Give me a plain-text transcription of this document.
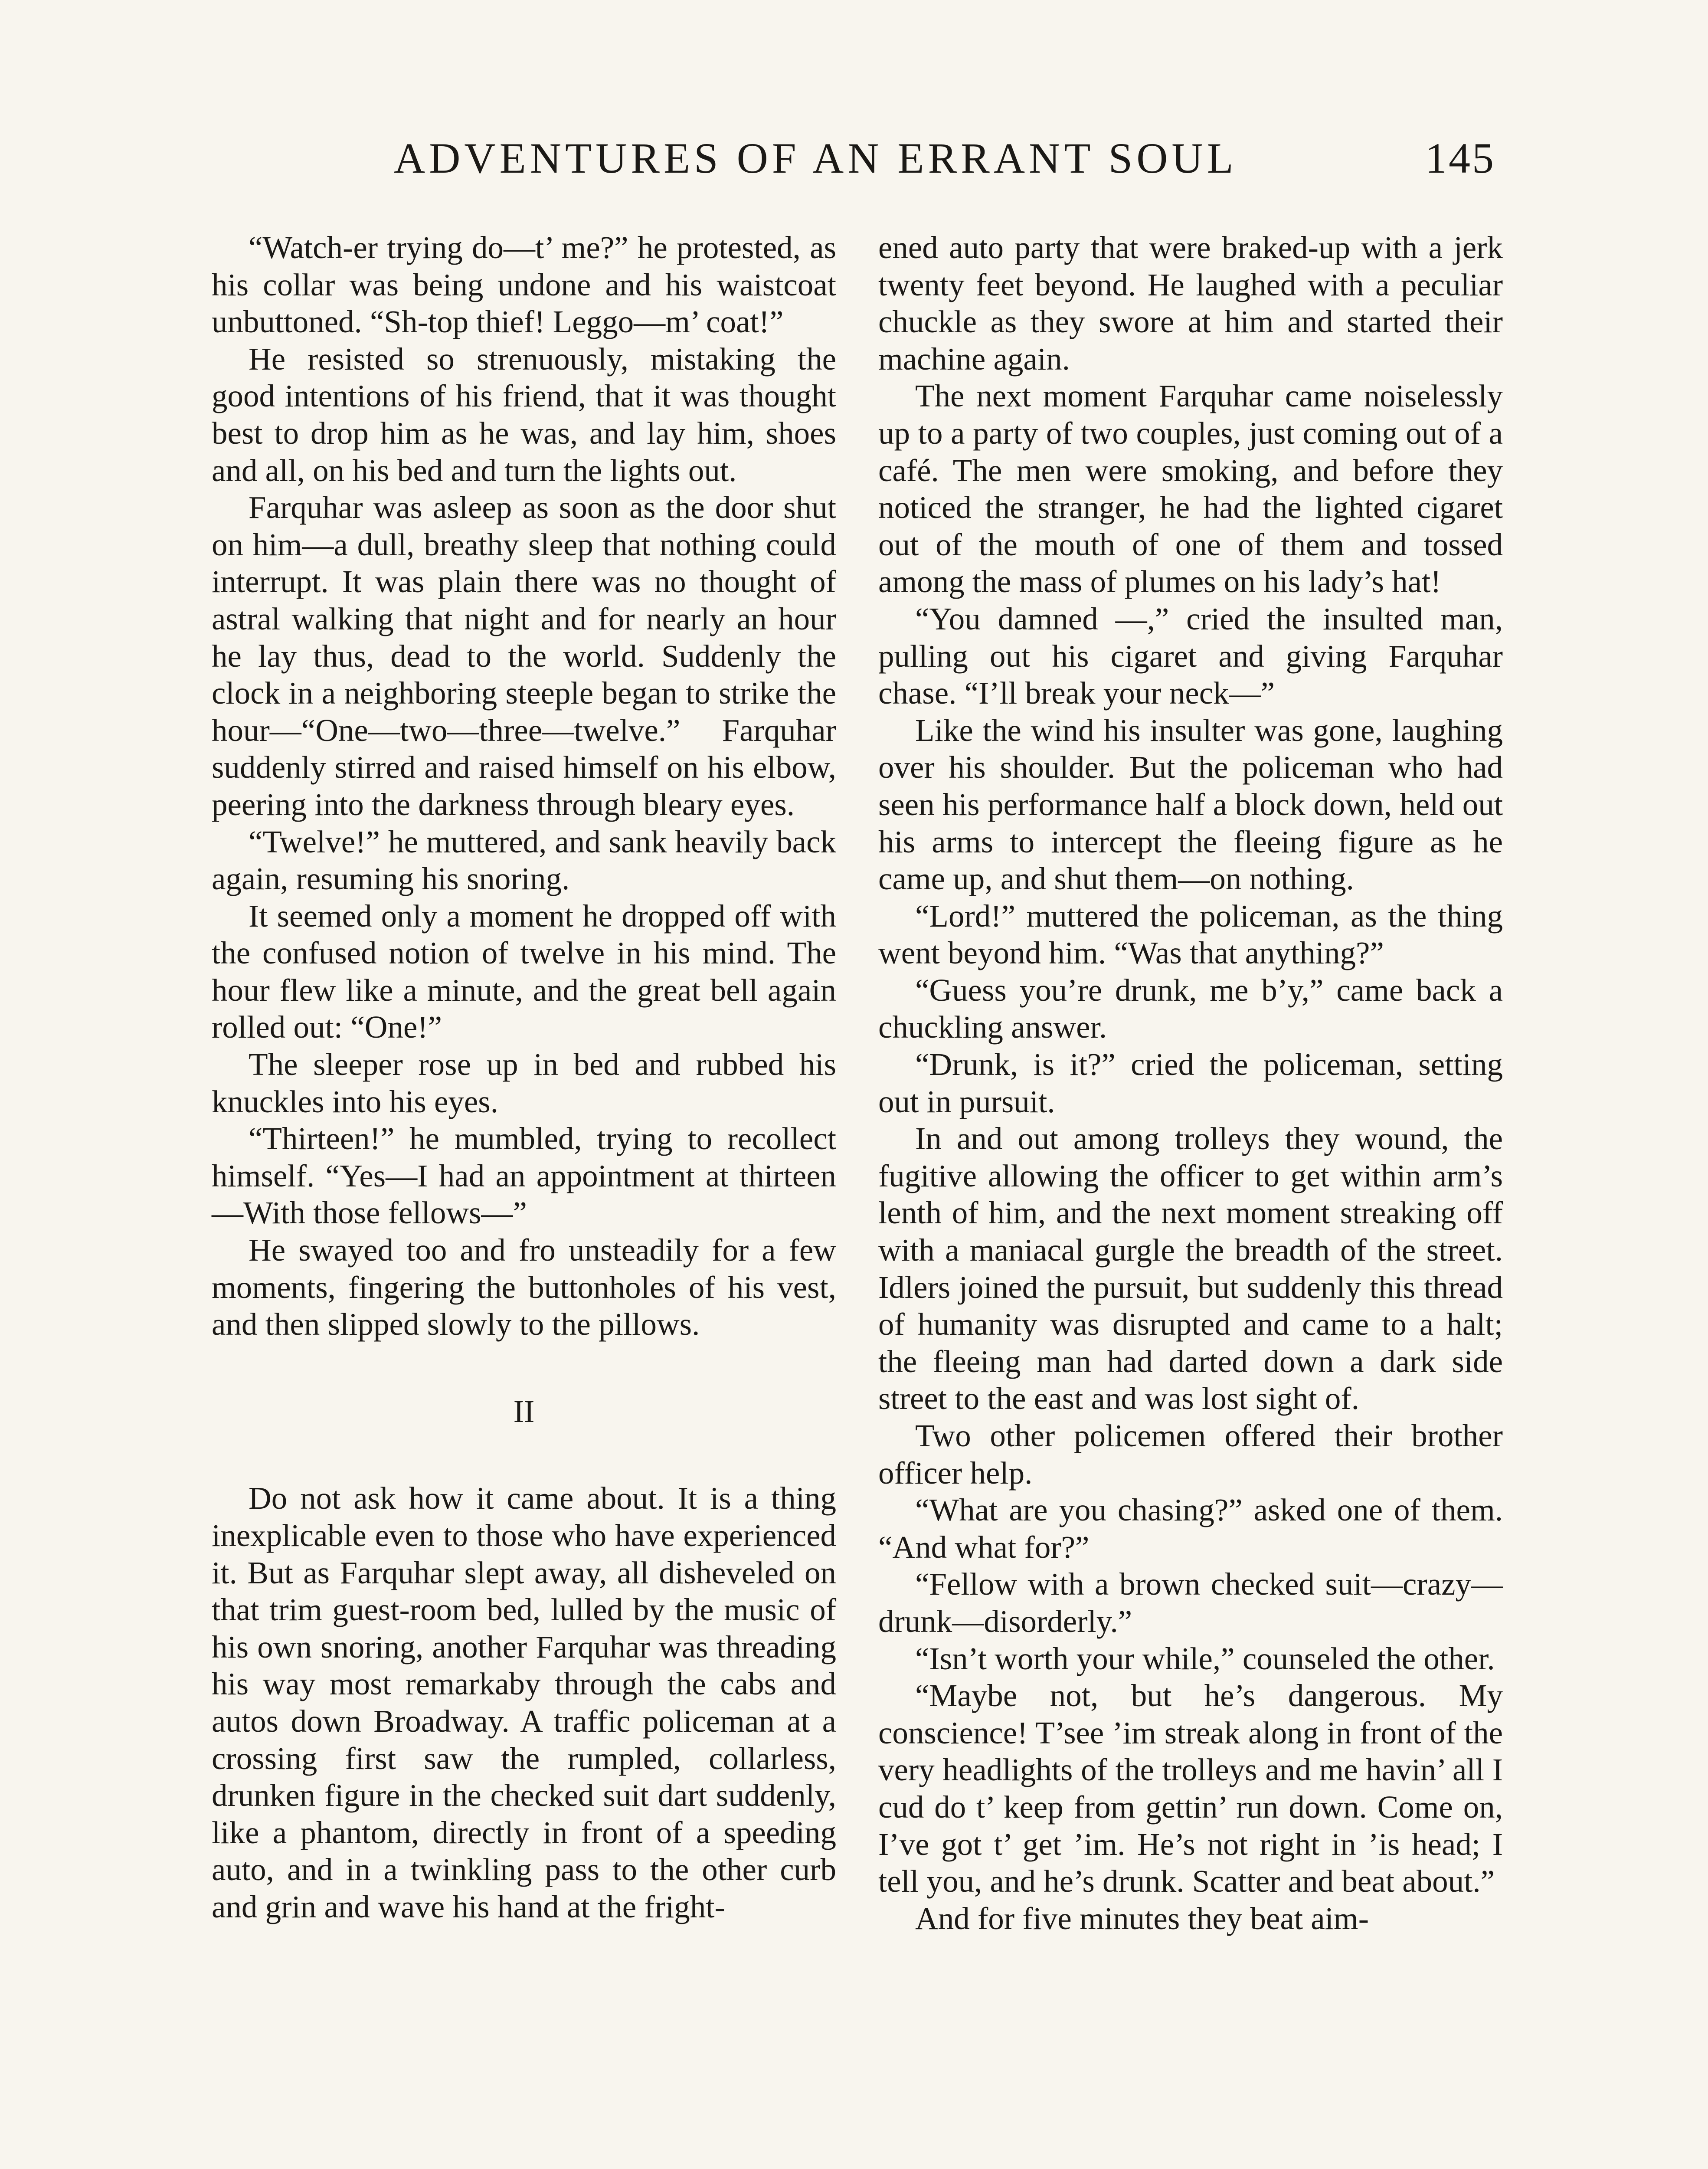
ADVENTURES OF AN ERRANT SOUL	145

“Watch-er trying do—t’ me?” he protested, as his collar was being undone and his waistcoat unbuttoned. “Sh-top thief! Leggo—m’ coat!”

He resisted so strenuously, mistaking the good intentions of his friend, that it was thought best to drop him as he was, and lay him, shoes and all, on his bed and turn the lights out.

Farquhar was asleep as soon as the door shut on him—a dull, breathy sleep that nothing could interrupt. It was plain there was no thought of astral walking that night and for nearly an hour he lay thus, dead to the world. Suddenly the clock in a neighboring steeple began to strike the hour—“One—two—three—twelve.” Farquhar suddenly stirred and raised himself on his elbow, peering into the darkness through bleary eyes.

“Twelve!” he muttered, and sank heavily back again, resuming his snoring.

It seemed only a moment he dropped off with the confused notion of twelve in his mind. The hour flew like a minute, and the great bell again rolled out: “One!”

The sleeper rose up in bed and rubbed his knuckles into his eyes.

“Thirteen!” he mumbled, trying to recollect himself. “Yes—I had an appointment at thirteen—With those fellows—”

He swayed too and fro unsteadily for a few moments, fingering the buttonholes of his vest, and then slipped slowly to the pillows.

II

Do not ask how it came about. It is a thing inexplicable even to those who have experienced it. But as Farquhar slept away, all disheveled on that trim guest-room bed, lulled by the music of his own snoring, another Farquhar was threading his way most remarkaby through the cabs and autos down Broadway. A traffic policeman at a crossing first saw the rumpled, collarless, drunken figure in the checked suit dart suddenly, like a phantom, directly in front of a speeding auto, and in a twinkling pass to the other curb and grin and wave his hand at the fright-

ened auto party that were braked-up with a jerk twenty feet beyond. He laughed with a peculiar chuckle as they swore at him and started their machine again.

The next moment Farquhar came noiselessly up to a party of two couples, just coming out of a café. The men were smoking, and before they noticed the stranger, he had the lighted cigaret out of the mouth of one of them and tossed among the mass of plumes on his lady’s hat!

“You damned —,” cried the insulted man, pulling out his cigaret and giving Farquhar chase. “I’ll break your neck—”

Like the wind his insulter was gone, laughing over his shoulder. But the policeman who had seen his performance half a block down, held out his arms to intercept the fleeing figure as he came up, and shut them—on nothing.

“Lord!” muttered the policeman, as the thing went beyond him. “Was that anything?”

“Guess you’re drunk, me b’y,” came back a chuckling answer.

“Drunk, is it?” cried the policeman, setting out in pursuit.

In and out among trolleys they wound, the fugitive allowing the officer to get within arm’s lenth of him, and the next moment streaking off with a maniacal gurgle the breadth of the street. Idlers joined the pursuit, but suddenly this thread of humanity was disrupted and came to a halt; the fleeing man had darted down a dark side street to the east and was lost sight of.

Two other policemen offered their brother officer help.

“What are you chasing?” asked one of them. “And what for?”

“Fellow with a brown checked suit—crazy—drunk—disorderly.”

“Isn’t worth your while,” counseled the other.

“Maybe not, but he’s dangerous. My conscience! T’see ’im streak along in front of the very headlights of the trolleys and me havin’ all I cud do t’ keep from gettin’ run down. Come on, I’ve got t’ get ’im. He’s not right in ’is head; I tell you, and he’s drunk. Scatter and beat about.”

And for five minutes they beat aim-
